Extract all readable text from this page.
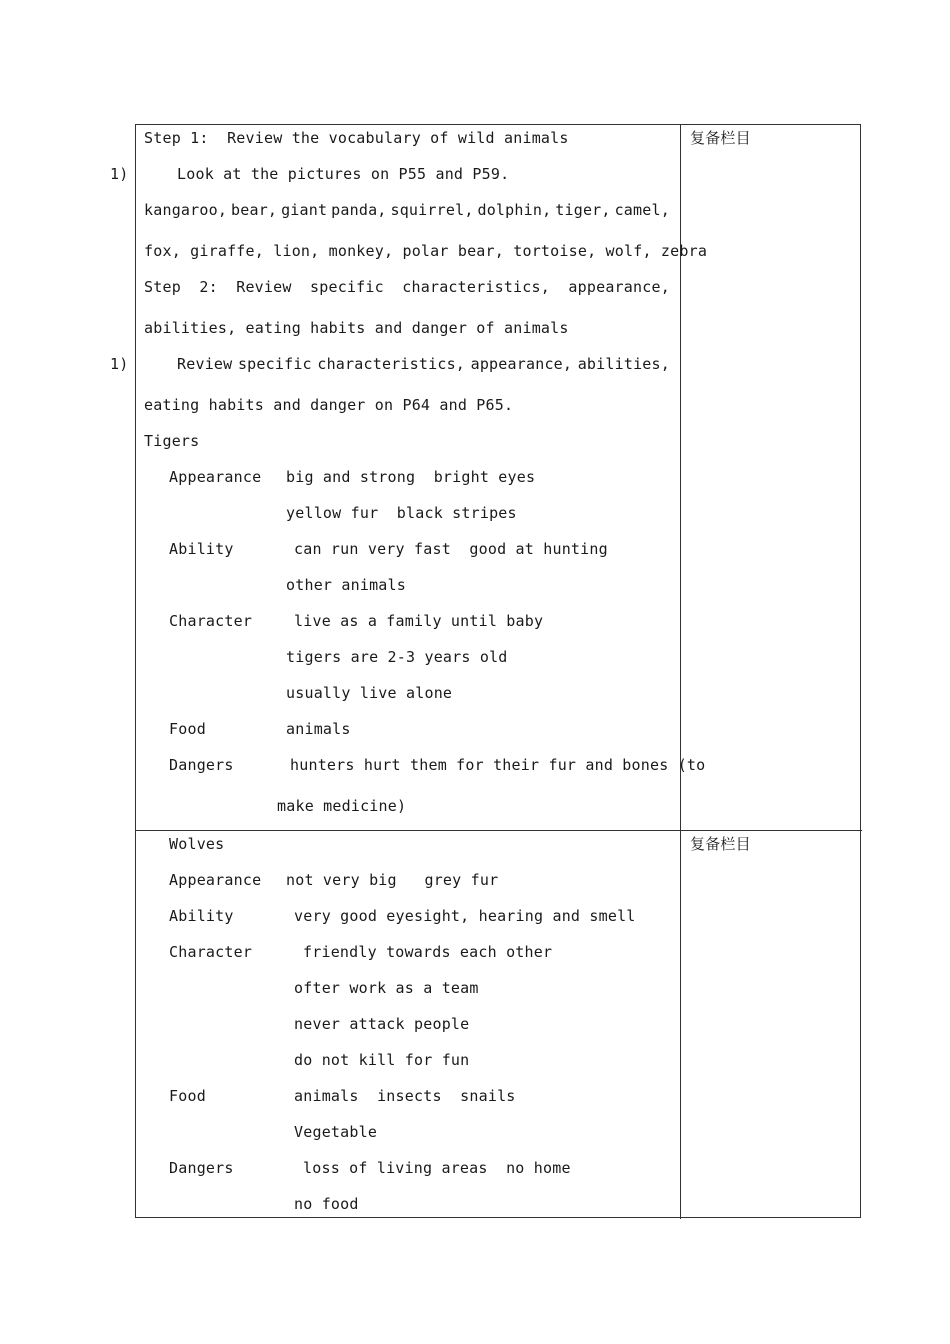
1)
1)
复备栏目
复备栏目
Step 1:  Review the vocabulary of wild animals
Look at the pictures on P55 and P59.
kangaroo, bear, giant panda, squirrel, dolphin, tiger, camel,
fox, giraffe, lion, monkey, polar bear, tortoise, wolf, zebra
Step 2: Review specific characteristics, appearance,
abilities, eating habits and danger of animals
Review specific characteristics, appearance, abilities,
eating habits and danger on P64 and P65.
Tigers
Appearance big and strong  bright eyes
yellow fur  black stripes
Ability	can run very fast  good at hunting
other animals
Character	live as a family until baby
tigers are 2-3 years old
usually live alone
Food	animals
Dangers	hunters hurt them for their fur and bones (to
make medicine)
Wolves
Appearance not very big   grey fur
Ability	very good eyesight, hearing and smell
Character	friendly towards each other
ofter work as a team
never attack people
do not kill for fun
Food	animals  insects  snails
Vegetable
Dangers	loss of living areas  no home
no food
